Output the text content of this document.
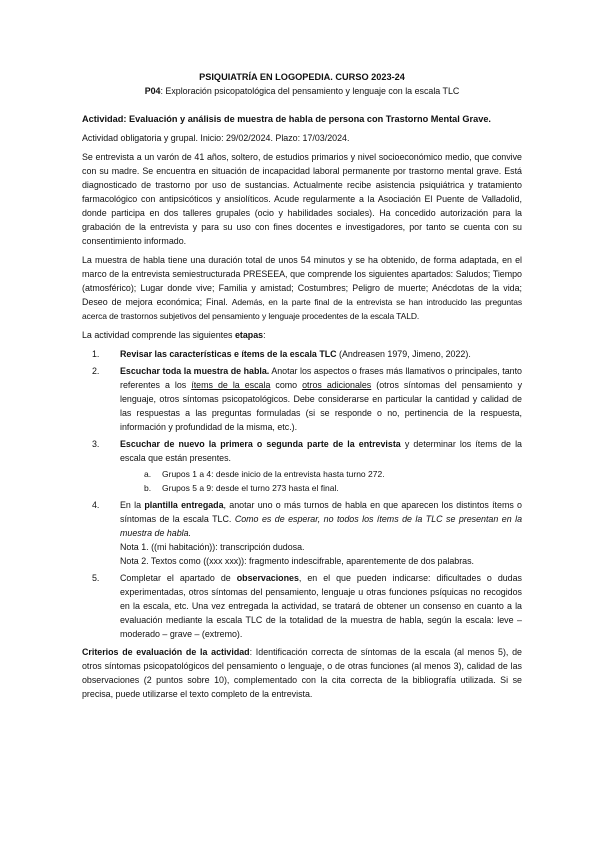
PSIQUIATRÍA EN LOGOPEDIA. CURSO 2023-24
P04: Exploración psicopatológica del pensamiento y lenguaje con la escala TLC

Actividad: Evaluación y análisis de muestra de habla de persona con Trastorno Mental Grave.

Actividad obligatoria y grupal. Inicio: 29/02/2024. Plazo: 17/03/2024.

Se entrevista a un varón de 41 años, soltero, de estudios primarios y nivel socioeconómico medio, que convive con su madre. Se encuentra en situación de incapacidad laboral permanente por trastorno mental grave. Está diagnosticado de trastorno por uso de sustancias. Actualmente recibe asistencia psiquiátrica y tratamiento farmacológico con antipsicóticos y ansiolíticos. Acude regularmente a la Asociación El Puente de Valladolid, donde participa en dos talleres grupales (ocio y habilidades sociales). Ha concedido autorización para la grabación de la entrevista y para su uso con fines docentes e investigadores, por tanto se cuenta con su consentimiento informado.

La muestra de habla tiene una duración total de unos 54 minutos y se ha obtenido, de forma adaptada, en el marco de la entrevista semiestructurada PRESEEA, que comprende los siguientes apartados: Saludos; Tiempo (atmosférico); Lugar donde vive; Familia y amistad; Costumbres; Peligro de muerte; Anécdotas de la vida; Deseo de mejora económica; Final. Además, en la parte final de la entrevista se han introducido las preguntas acerca de trastornos subjetivos del pensamiento y lenguaje procedentes de la escala TALD.

La actividad comprende las siguientes etapas:

1. Revisar las características e ítems de la escala TLC (Andreasen 1979, Jimeno, 2022).
2. Escuchar toda la muestra de habla. Anotar los aspectos o frases más llamativos o principales, tanto referentes a los ítems de la escala como otros adicionales (otros síntomas del pensamiento y lenguaje, otros síntomas psicopatológicos. Debe considerarse en particular la cantidad y calidad de las respuestas a las preguntas formuladas (si se responde o no, pertinencia de la respuesta, información y profundidad de la misma, etc.).
3. Escuchar de nuevo la primera o segunda parte de la entrevista y determinar los ítems de la escala que están presentes.
a. Grupos 1 a 4: desde inicio de la entrevista hasta turno 272.
b. Grupos 5 a 9: desde el turno 273 hasta el final.
4. En la plantilla entregada, anotar uno o más turnos de habla en que aparecen los distintos ítems o síntomas de la escala TLC. Como es de esperar, no todos los ítems de la TLC se presentan en la muestra de habla.
Nota 1. ((mi habitación)): transcripción dudosa.
Nota 2. Textos como ((xxx xxx)): fragmento indescifrable, aparentemente de dos palabras.
5. Completar el apartado de observaciones, en el que pueden indicarse: dificultades o dudas experimentadas, otros síntomas del pensamiento, lenguaje u otras funciones psíquicas no recogidos en la escala, etc. Una vez entregada la actividad, se tratará de obtener un consenso en cuanto a la evaluación mediante la escala TLC de la totalidad de la muestra de habla, según la escala: leve – moderado – grave – (extremo).
Criterios de evaluación de la actividad: Identificación correcta de síntomas de la escala (al menos 5), de otros síntomas psicopatológicos del pensamiento o lenguaje, o de otras funciones (al menos 3), calidad de las observaciones (2 puntos sobre 10), complementado con la cita correcta de la bibliografía utilizada. Si se precisa, puede utilizarse el texto completo de la entrevista.
